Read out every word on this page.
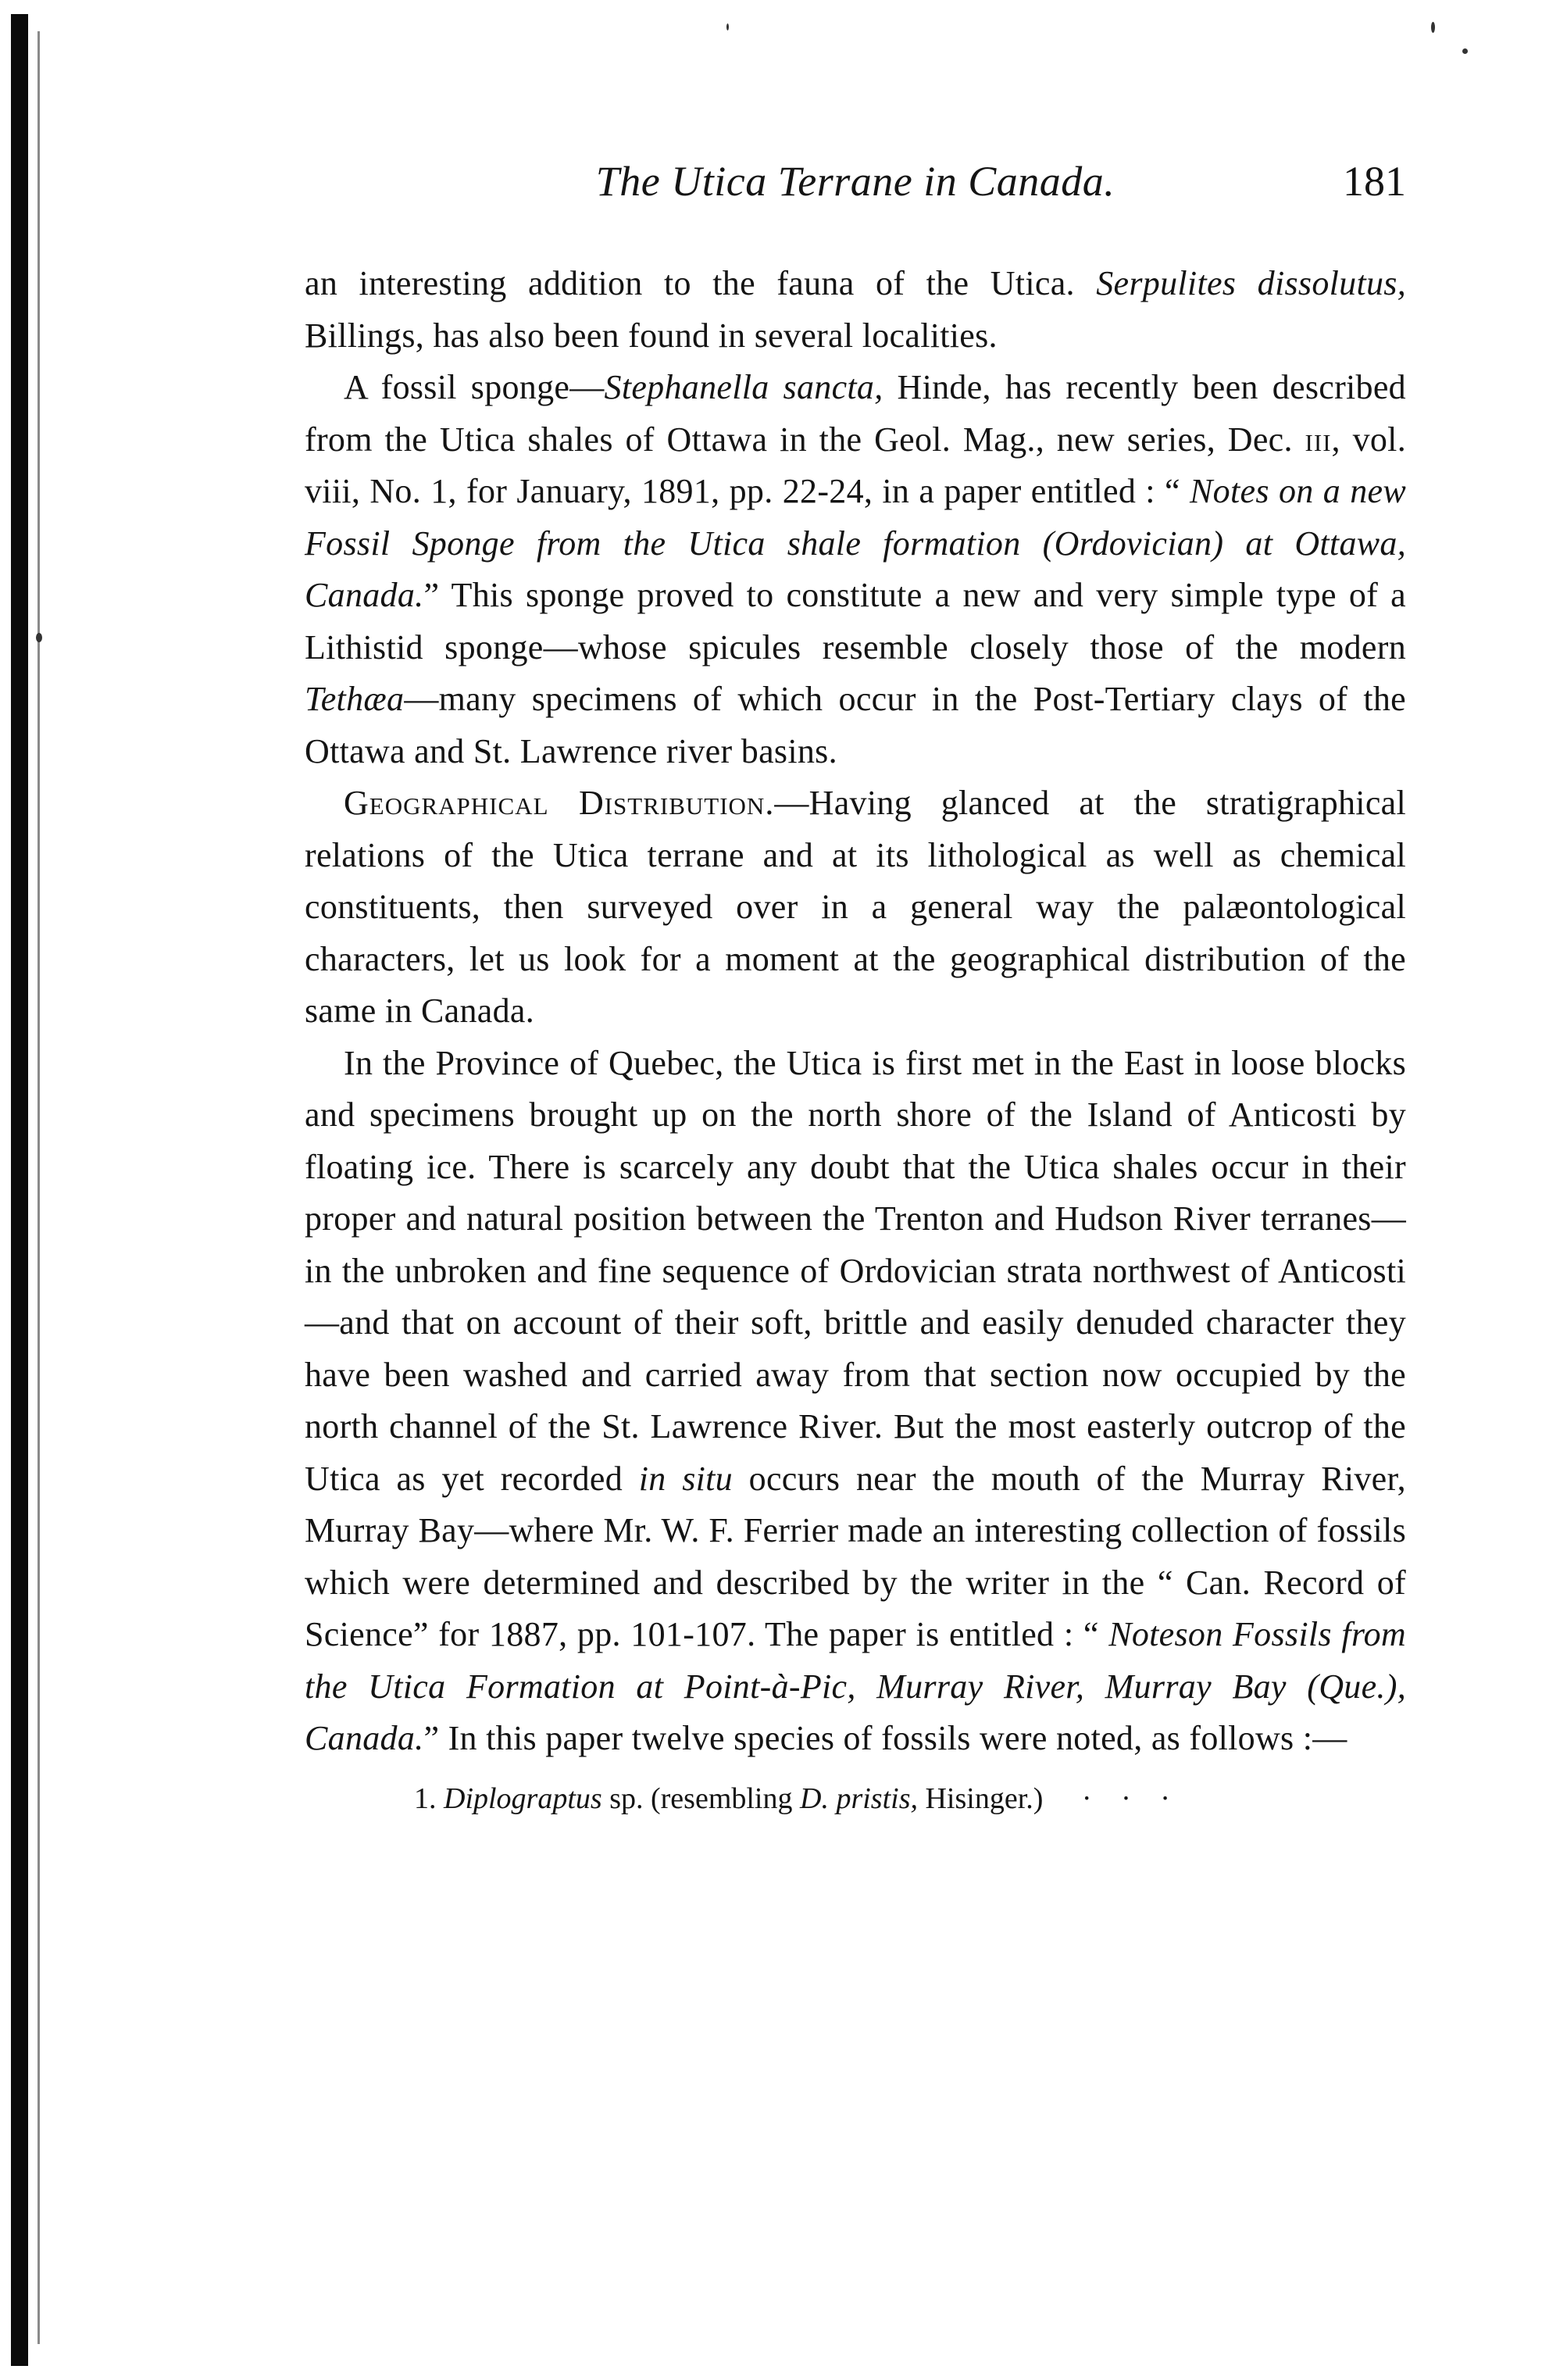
The Utica Terrane in Canada.	181

an interesting addition to the fauna of the Utica. Serpulites dissolutus, Billings, has also been found in several localities.

A fossil sponge—Stephanella sancta, Hinde, has recently been described from the Utica shales of Ottawa in the Geol. Mag., new series, Dec. iii, vol. viii, No. 1, for January, 1891, pp. 22-24, in a paper entitled : “ Notes on a new Fossil Sponge from the Utica shale formation (Ordovician) at Ottawa, Canada.” This sponge proved to constitute a new and very simple type of a Lithistid sponge—whose spicules resemble closely those of the modern Tethæa—many specimens of which occur in the Post-Tertiary clays of the Ottawa and St. Lawrence river basins.

Geographical Distribution.—Having glanced at the stratigraphical relations of the Utica terrane and at its lithological as well as chemical constituents, then surveyed over in a general way the palæontological characters, let us look for a moment at the geographical distribution of the same in Canada.

In the Province of Quebec, the Utica is first met in the East in loose blocks and specimens brought up on the north shore of the Island of Anticosti by floating ice. There is scarcely any doubt that the Utica shales occur in their proper and natural position between the Trenton and Hudson River terranes—in the unbroken and fine sequence of Ordovician strata northwest of Anticosti—and that on account of their soft, brittle and easily denuded character they have been washed and carried away from that section now occupied by the north channel of the St. Lawrence River. But the most easterly outcrop of the Utica as yet recorded in situ occurs near the mouth of the Murray River, Murray Bay—where Mr. W. F. Ferrier made an interesting collection of fossils which were determined and described by the writer in the “ Can. Record of Science” for 1887, pp. 101-107. The paper is entitled : “ Noteson Fossils from the Utica Formation at Point-à-Pic, Murray River, Murray Bay (Que.), Canada.” In this paper twelve species of fossils were noted, as follows :—

1. Diplograptus sp. (resembling D. pristis, Hisinger.) · · ·
